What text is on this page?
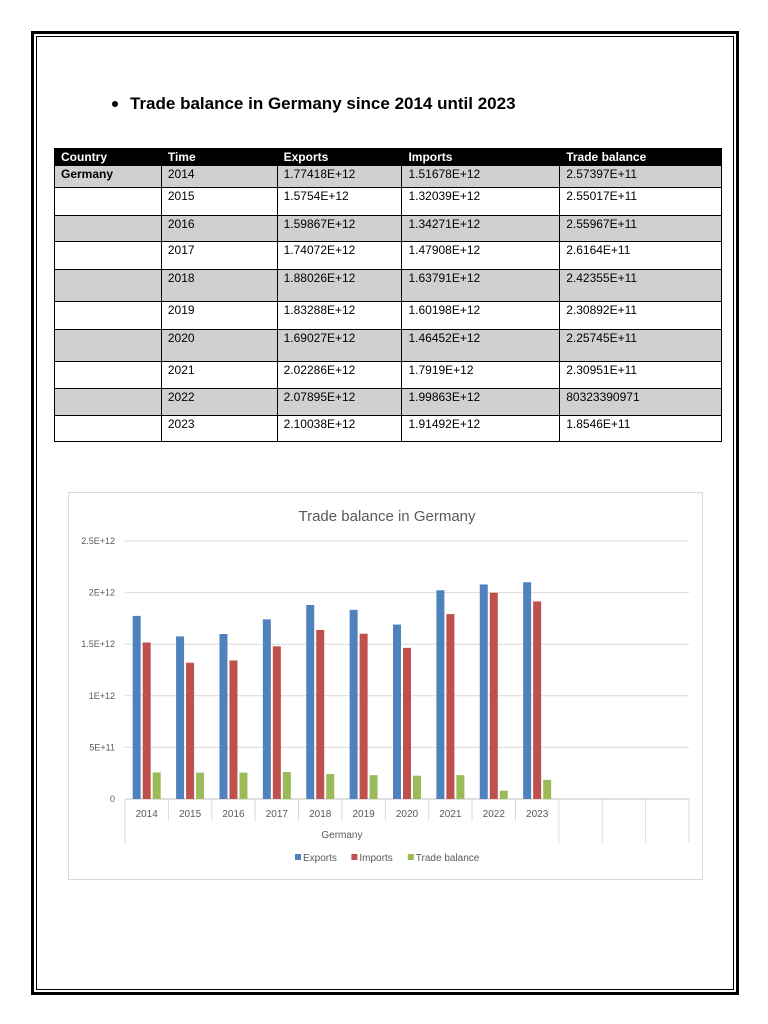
Trade balance in Germany since 2014 until 2023
Country	Time	Exports	Imports	Trade balance
Germany	2014	1.77418E+12	1.51678E+12	2.57397E+11
	2015	1.5754E+12	1.32039E+12	2.55017E+11
	2016	1.59867E+12	1.34271E+12	2.55967E+11
	2017	1.74072E+12	1.47908E+12	2.6164E+11
	2018	1.88026E+12	1.63791E+12	2.42355E+11
	2019	1.83288E+12	1.60198E+12	2.30892E+11
	2020	1.69027E+12	1.46452E+12	2.25745E+11
	2021	2.02286E+12	1.7919E+12	2.30951E+11
	2022	2.07895E+12	1.99863E+12	80323390971
	2023	2.10038E+12	1.91492E+12	1.8546E+11
Trade balance in Germany
0
5E+11
1E+12
1.5E+12
2E+12
2.5E+12
2014 2015 2016 2017 2018 2019 2020 2021 2022 2023
Germany
Exports Imports Trade balance
